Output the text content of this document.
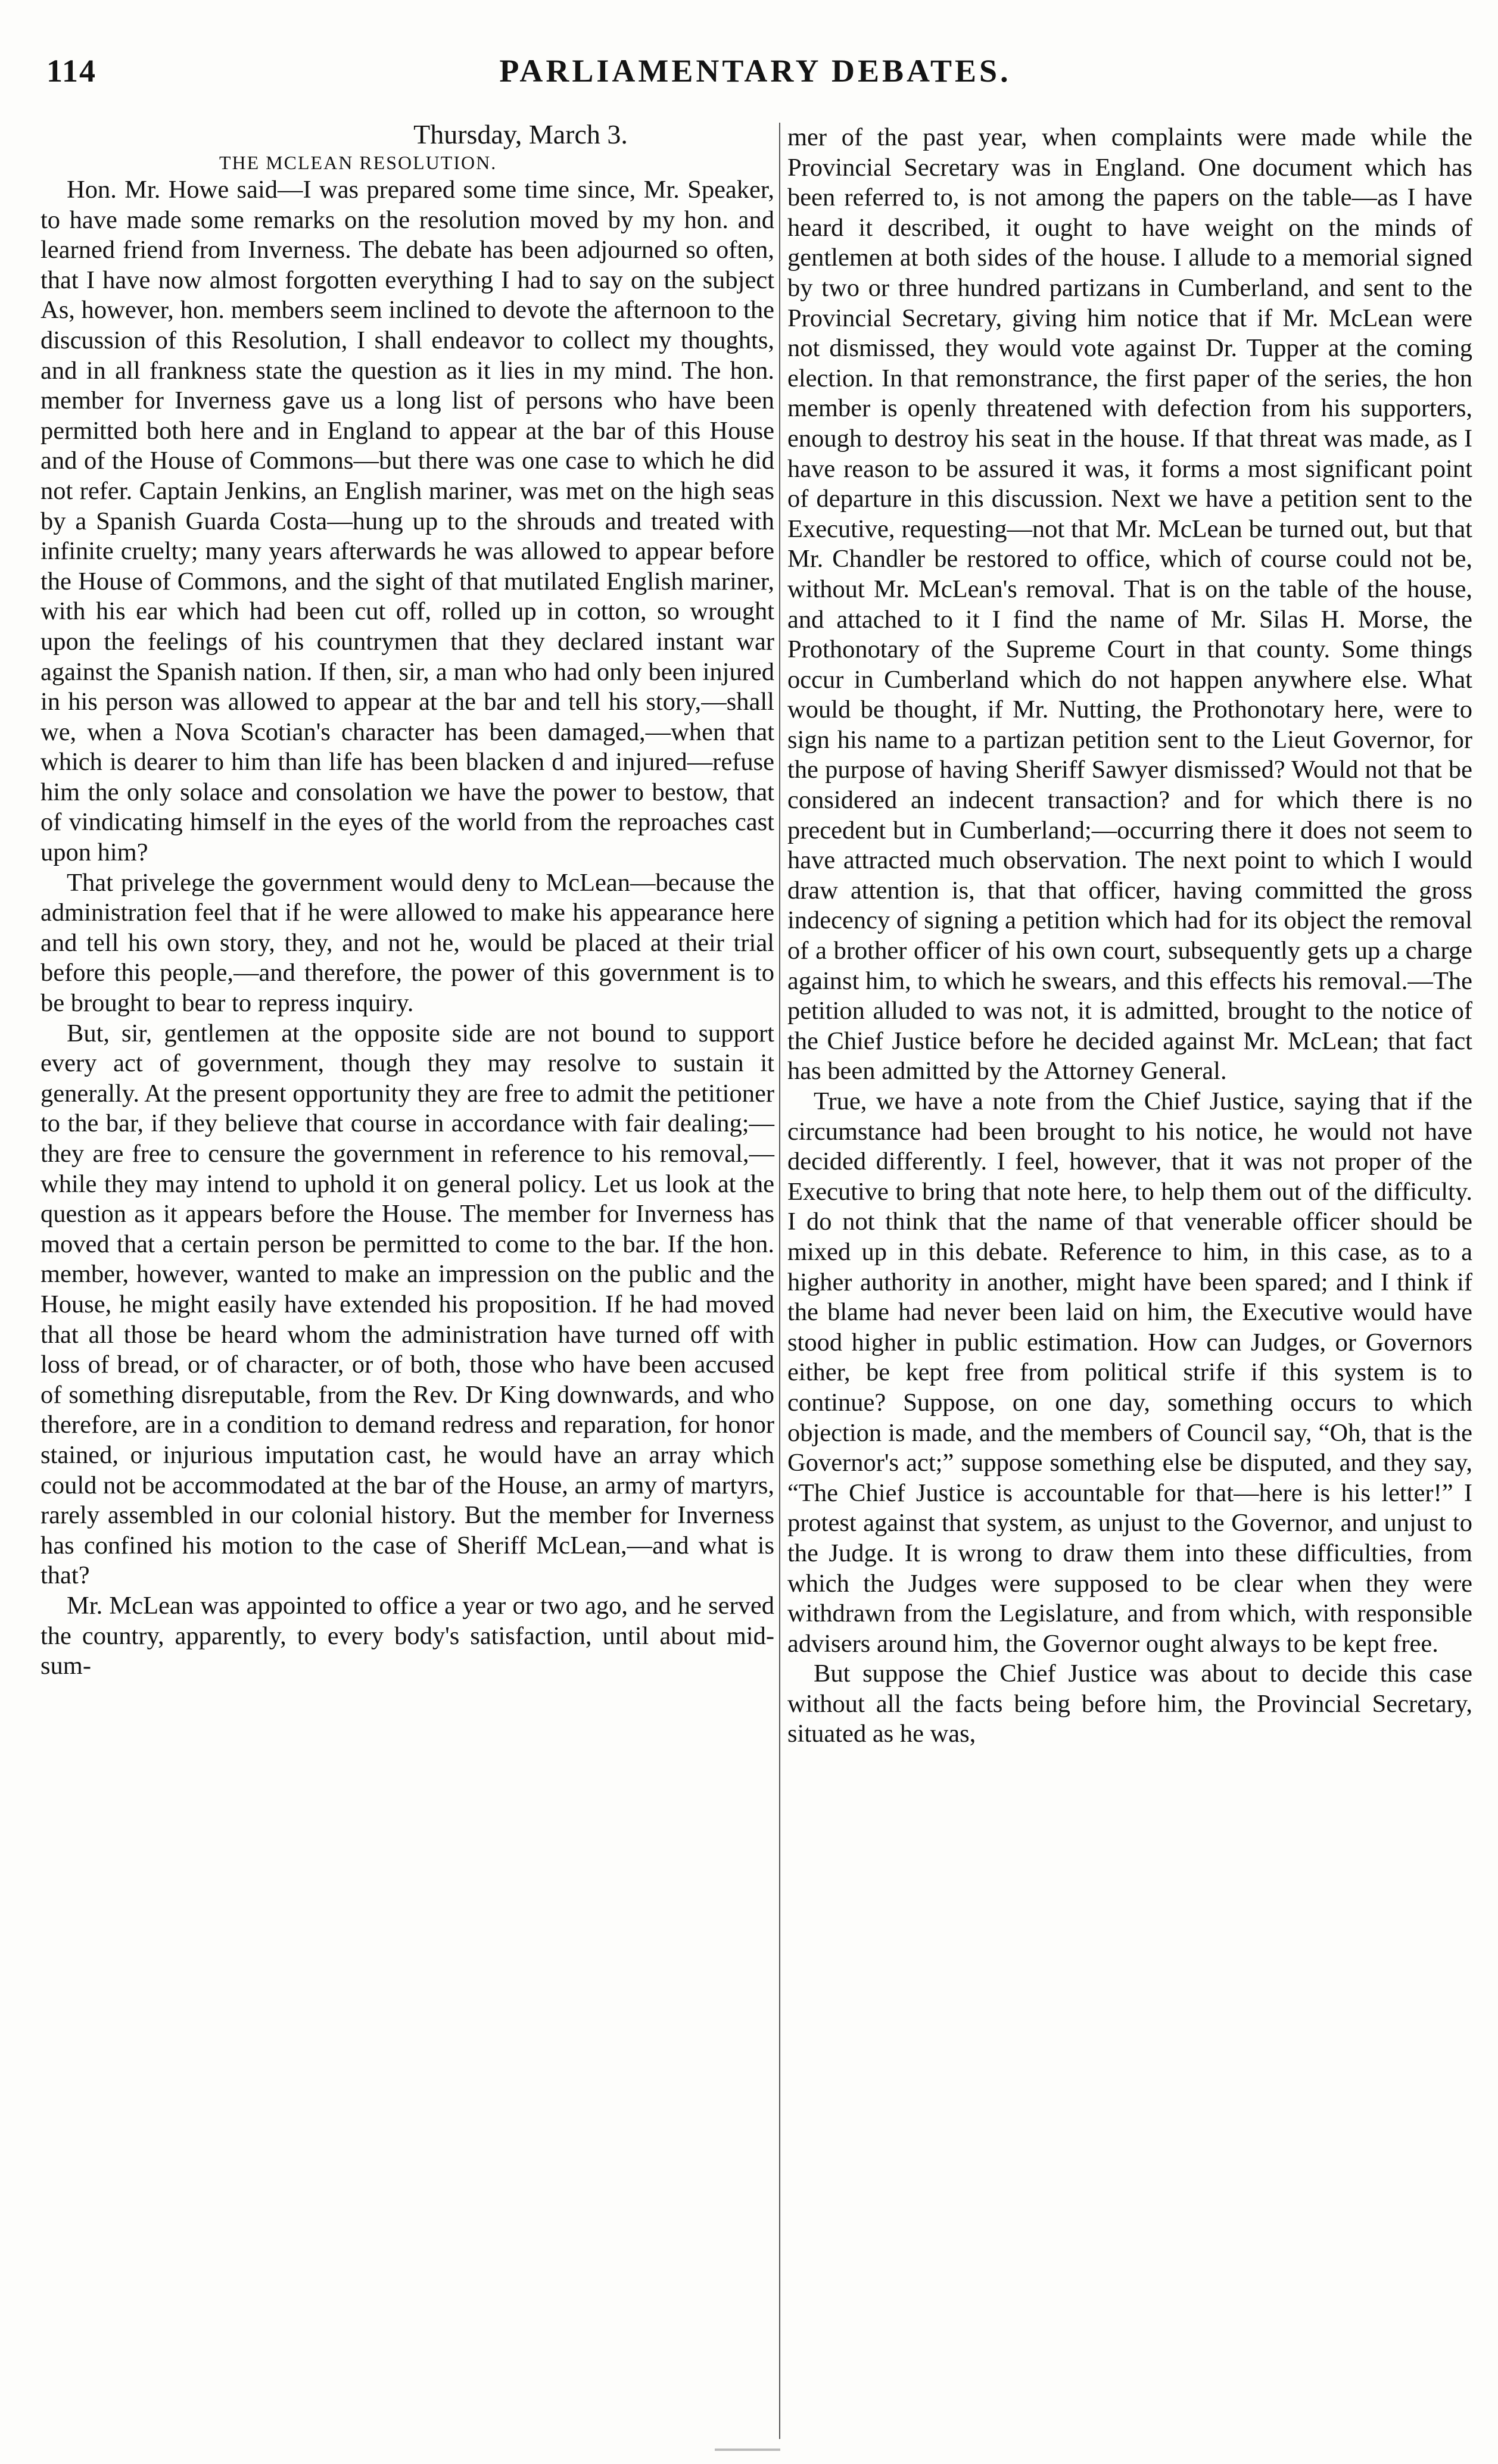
114	PARLIAMENTARY DEBATES.

Thursday, March 3.

THE MCLEAN RESOLUTION.

Hon. Mr. Howe said—I was prepared some time since, Mr. Speaker, to have made some remarks on the resolution moved by my hon. and learned friend from Inverness. The debate has been adjourned so often, that I have now almost forgotten everything I had to say on the subject As, however, hon. members seem inclined to devote the afternoon to the discussion of this Resolution, I shall endeavor to collect my thoughts, and in all frankness state the question as it lies in my mind. The hon. member for Inverness gave us a long list of persons who have been permitted both here and in England to appear at the bar of this House and of the House of Commons—but there was one case to which he did not refer. Captain Jenkins, an English mariner, was met on the high seas by a Spanish Guarda Costa—hung up to the shrouds and treated with infinite cruelty; many years afterwards he was allowed to appear before the House of Commons, and the sight of that mutilated English mariner, with his ear which had been cut off, rolled up in cotton, so wrought upon the feelings of his countrymen that they declared instant war against the Spanish nation. If then, sir, a man who had only been injured in his person was allowed to appear at the bar and tell his story,—shall we, when a Nova Scotian's character has been damaged,—when that which is dearer to him than life has been blacken d and injured—refuse him the only solace and consolation we have the power to bestow, that of vindicating himself in the eyes of the world from the reproaches cast upon him?

That privelege the government would deny to McLean—because the administration feel that if he were allowed to make his appearance here and tell his own story, they, and not he, would be placed at their trial before this people,—and therefore, the power of this government is to be brought to bear to repress inquiry.

But, sir, gentlemen at the opposite side are not bound to support every act of government, though they may resolve to sustain it generally. At the present opportunity they are free to admit the petitioner to the bar, if they believe that course in accordance with fair dealing;—they are free to censure the government in reference to his removal,—while they may intend to uphold it on general policy. Let us look at the question as it appears before the House. The member for Inverness has moved that a certain person be permitted to come to the bar. If the hon. member, however, wanted to make an impression on the public and the House, he might easily have extended his proposition. If he had moved that all those be heard whom the administration have turned off with loss of bread, or of character, or of both, those who have been accused of something disreputable, from the Rev. Dr King downwards, and who therefore, are in a condition to demand redress and reparation, for honor stained, or injurious imputation cast, he would have an array which could not be accommodated at the bar of the House, an army of martyrs, rarely assembled in our colonial history. But the member for Inverness has confined his motion to the case of Sheriff McLean,—and what is that?

Mr. McLean was appointed to office a year or two ago, and he served the country, apparently, to every body's satisfaction, until about mid-sum-

mer of the past year, when complaints were made while the Provincial Secretary was in England. One document which has been referred to, is not among the papers on the table—as I have heard it described, it ought to have weight on the minds of gentlemen at both sides of the house. I allude to a memorial signed by two or three hundred partizans in Cumberland, and sent to the Provincial Secretary, giving him notice that if Mr. McLean were not dismissed, they would vote against Dr. Tupper at the coming election. In that remonstrance, the first paper of the series, the hon member is openly threatened with defection from his supporters, enough to destroy his seat in the house. If that threat was made, as I have reason to be assured it was, it forms a most significant point of departure in this discussion. Next we have a petition sent to the Executive, requesting—not that Mr. McLean be turned out, but that Mr. Chandler be restored to office, which of course could not be, without Mr. McLean's removal. That is on the table of the house, and attached to it I find the name of Mr. Silas H. Morse, the Prothonotary of the Supreme Court in that county. Some things occur in Cumberland which do not happen anywhere else. What would be thought, if Mr. Nutting, the Prothonotary here, were to sign his name to a partizan petition sent to the Lieut Governor, for the purpose of having Sheriff Sawyer dismissed? Would not that be considered an indecent transaction? and for which there is no precedent but in Cumberland;—occurring there it does not seem to have attracted much observation. The next point to which I would draw attention is, that that officer, having committed the gross indecency of signing a petition which had for its object the removal of a brother officer of his own court, subsequently gets up a charge against him, to which he swears, and this effects his removal.—The petition alluded to was not, it is admitted, brought to the notice of the Chief Justice before he decided against Mr. McLean; that fact has been admitted by the Attorney General.

True, we have a note from the Chief Justice, saying that if the circumstance had been brought to his notice, he would not have decided differently. I feel, however, that it was not proper of the Executive to bring that note here, to help them out of the difficulty. I do not think that the name of that venerable officer should be mixed up in this debate. Reference to him, in this case, as to a higher authority in another, might have been spared; and I think if the blame had never been laid on him, the Executive would have stood higher in public estimation. How can Judges, or Governors either, be kept free from political strife if this system is to continue? Suppose, on one day, something occurs to which objection is made, and the members of Council say, “Oh, that is the Governor's act;” suppose something else be disputed, and they say, “The Chief Justice is accountable for that—here is his letter!” I protest against that system, as unjust to the Governor, and unjust to the Judge. It is wrong to draw them into these difficulties, from which the Judges were supposed to be clear when they were withdrawn from the Legislature, and from which, with responsible advisers around him, the Governor ought always to be kept free.

But suppose the Chief Justice was about to decide this case without all the facts being before him, the Provincial Secretary, situated as he was,
